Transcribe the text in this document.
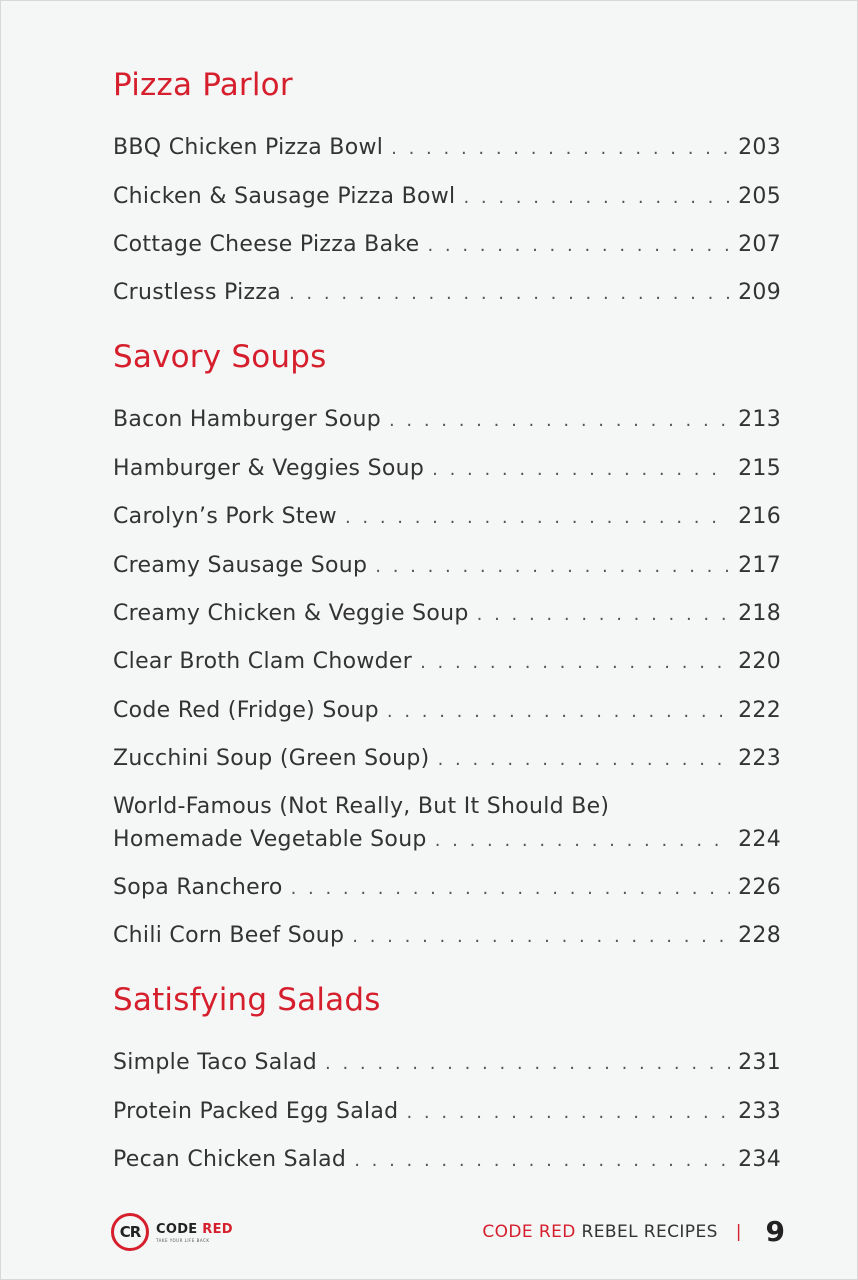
Pizza Parlor
BBQ Chicken Pizza Bowl . . .	203
Chicken & Sausage Pizza Bowl . . .	205
Cottage Cheese Pizza Bake . . .	207
Crustless Pizza . . .	209
Savory Soups
Bacon Hamburger Soup . . .	213
Hamburger & Veggies Soup . . .	215
Carolyn’s Pork Stew . . .	216
Creamy Sausage Soup . . .	217
Creamy Chicken & Veggie Soup . . .	218
Clear Broth Clam Chowder . . .	220
Code Red (Fridge) Soup . . .	222
Zucchini Soup (Green Soup) . . .	223
World-Famous (Not Really, But It Should Be)
Homemade Vegetable Soup . . .	224
Sopa Ranchero . . .	226
Chili Corn Beef Soup . . .	228
Satisfying Salads
Simple Taco Salad . . .	231
Protein Packed Egg Salad . . .	233
Pecan Chicken Salad . . .	234
CR	CODE RED
TAKE YOUR LIFE BACK	CODE RED REBEL RECIPES | 9
